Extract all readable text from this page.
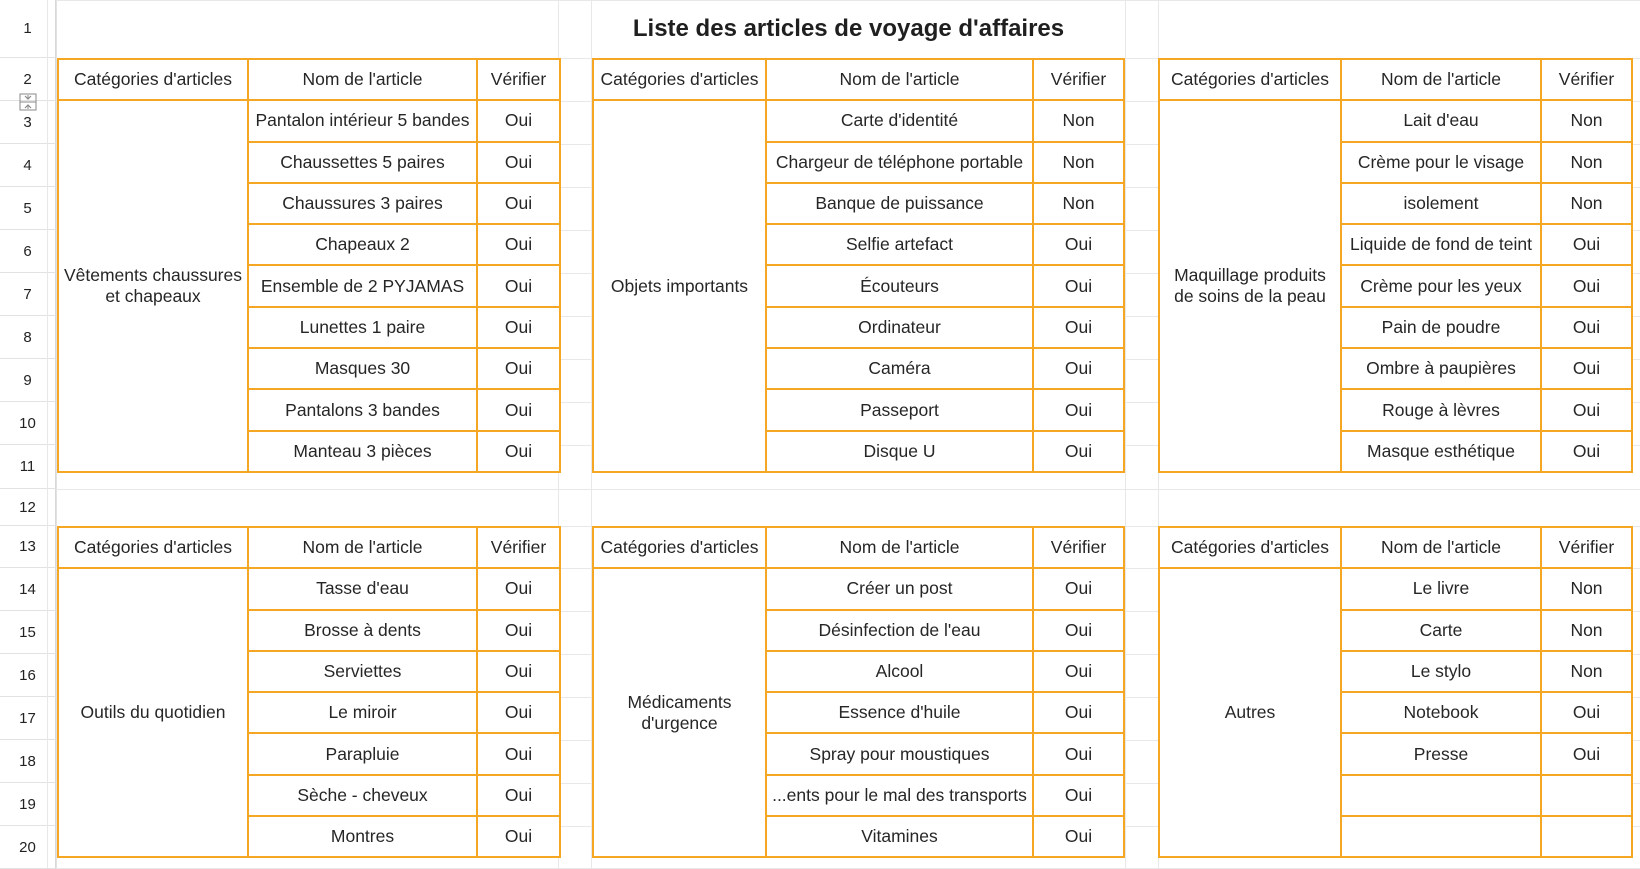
1
2
3
4
5
6
7
8
9
10
11
12
13
14
15
16
17
18
19
20
Liste des articles de voyage d'affaires
Catégories d'articles	Nom de l'article	Vérifier
Vêtements chaussures et chapeaux	Pantalon intérieur 5 bandes	Oui
	Chaussettes 5 paires	Oui
	Chaussures 3 paires	Oui
	Chapeaux 2	Oui
	Ensemble de 2 PYJAMAS	Oui
	Lunettes 1 paire	Oui
	Masques 30	Oui
	Pantalons 3 bandes	Oui
	Manteau 3 pièces	Oui
Catégories d'articles	Nom de l'article	Vérifier
Objets importants	Carte d'identité	Non
	Chargeur de téléphone portable	Non
	Banque de puissance	Non
	Selfie artefact	Oui
	Écouteurs	Oui
	Ordinateur	Oui
	Caméra	Oui
	Passeport	Oui
	Disque U	Oui
Catégories d'articles	Nom de l'article	Vérifier
Maquillage produits de soins de la peau	Lait d'eau	Non
	Crème pour le visage	Non
	isolement	Non
	Liquide de fond de teint	Oui
	Crème pour les yeux	Oui
	Pain de poudre	Oui
	Ombre à paupières	Oui
	Rouge à lèvres	Oui
	Masque esthétique	Oui
Catégories d'articles	Nom de l'article	Vérifier
Outils du quotidien	Tasse d'eau	Oui
	Brosse à dents	Oui
	Serviettes	Oui
	Le miroir	Oui
	Parapluie	Oui
	Sèche - cheveux	Oui
	Montres	Oui
Catégories d'articles	Nom de l'article	Vérifier
Médicaments d'urgence	Créer un post	Oui
	Désinfection de l'eau	Oui
	Alcool	Oui
	Essence d'huile	Oui
	Spray pour moustiques	Oui
	...ents pour le mal des transports	Oui
	Vitamines	Oui
Catégories d'articles	Nom de l'article	Vérifier
Autres	Le livre	Non
	Carte	Non
	Le stylo	Non
	Notebook	Oui
	Presse	Oui
